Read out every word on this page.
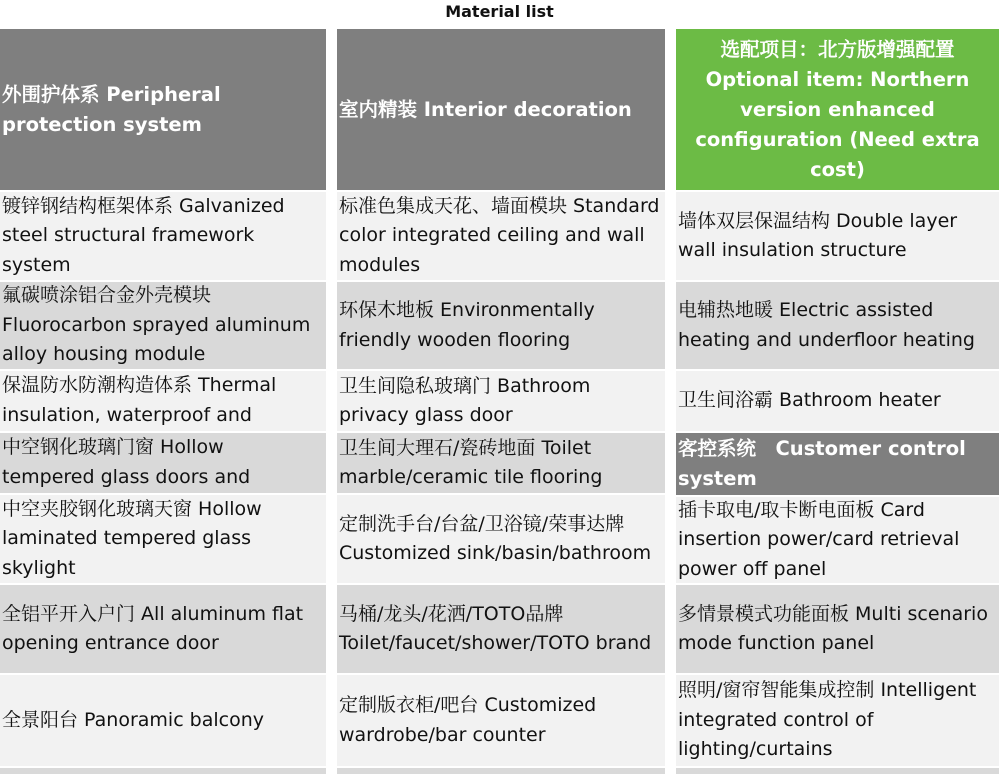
Material list
外围护体系 Peripheral protection system
室内精装 Interior decoration
选配项目：北方版增强配置 Optional item: Northern version enhanced configuration (Need extra cost)
镀锌钢结构框架体系 Galvanized steel structural framework system
氟碳喷涂铝合金外壳模块 Fluorocarbon sprayed aluminum alloy housing module
保温防水防潮构造体系 Thermal insulation, waterproof and
中空钢化玻璃门窗 Hollow tempered glass doors and
中空夹胶钢化玻璃天窗 Hollow laminated tempered glass skylight
全铝平开入户门 All aluminum flat opening entrance door
全景阳台 Panoramic balcony
标准色集成天花、墙面模块 Standard color integrated ceiling and wall modules
环保木地板 Environmentally friendly wooden flooring
卫生间隐私玻璃门 Bathroom privacy glass door
卫生间大理石/瓷砖地面 Toilet marble/ceramic tile flooring
定制洗手台/台盆/卫浴镜/荣事达牌 Customized sink/basin/bathroom
马桶/龙头/花洒/TOTO品牌 Toilet/faucet/shower/TOTO brand
定制版衣柜/吧台 Customized wardrobe/bar counter
墙体双层保温结构 Double layer wall insulation structure
电辅热地暖 Electric assisted heating and underfloor heating
卫生间浴霸 Bathroom heater
客控系统　Customer control system
插卡取电/取卡断电面板 Card insertion power/card retrieval power off panel
多情景模式功能面板 Multi scenario mode function panel
照明/窗帘智能集成控制 Intelligent integrated control of lighting/curtains
